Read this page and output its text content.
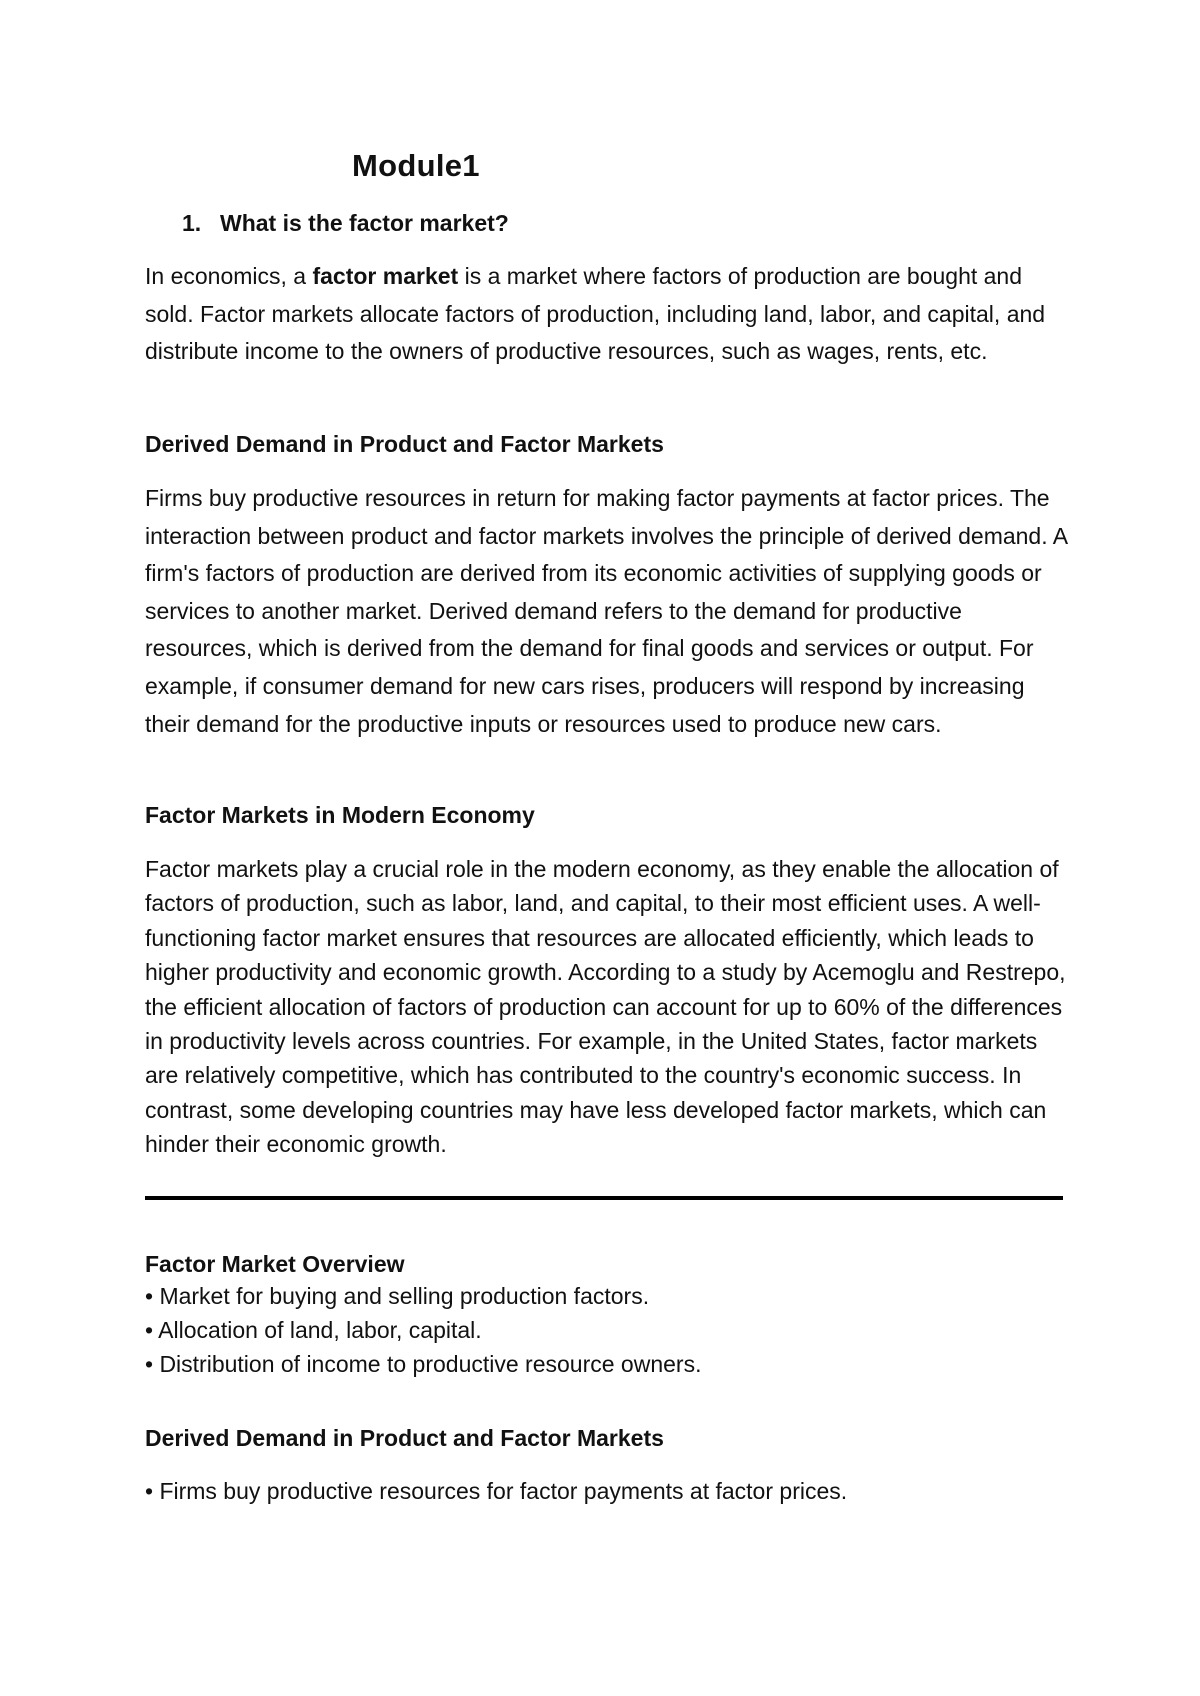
Module1
1. What is the factor market?

In economics, a factor market is a market where factors of production are bought and sold. Factor markets allocate factors of production, including land, labor, and capital, and distribute income to the owners of productive resources, such as wages, rents, etc.

Derived Demand in Product and Factor Markets

Firms buy productive resources in return for making factor payments at factor prices. The interaction between product and factor markets involves the principle of derived demand. A firm's factors of production are derived from its economic activities of supplying goods or services to another market. Derived demand refers to the demand for productive resources, which is derived from the demand for final goods and services or output. For example, if consumer demand for new cars rises, producers will respond by increasing their demand for the productive inputs or resources used to produce new cars.

Factor Markets in Modern Economy

Factor markets play a crucial role in the modern economy, as they enable the allocation of factors of production, such as labor, land, and capital, to their most efficient uses. A well-functioning factor market ensures that resources are allocated efficiently, which leads to higher productivity and economic growth. According to a study by Acemoglu and Restrepo, the efficient allocation of factors of production can account for up to 60% of the differences in productivity levels across countries. For example, in the United States, factor markets are relatively competitive, which has contributed to the country's economic success. In contrast, some developing countries may have less developed factor markets, which can hinder their economic growth.

Factor Market Overview

• Market for buying and selling production factors.
• Allocation of land, labor, capital.
• Distribution of income to productive resource owners.

Derived Demand in Product and Factor Markets

• Firms buy productive resources for factor payments at factor prices.
